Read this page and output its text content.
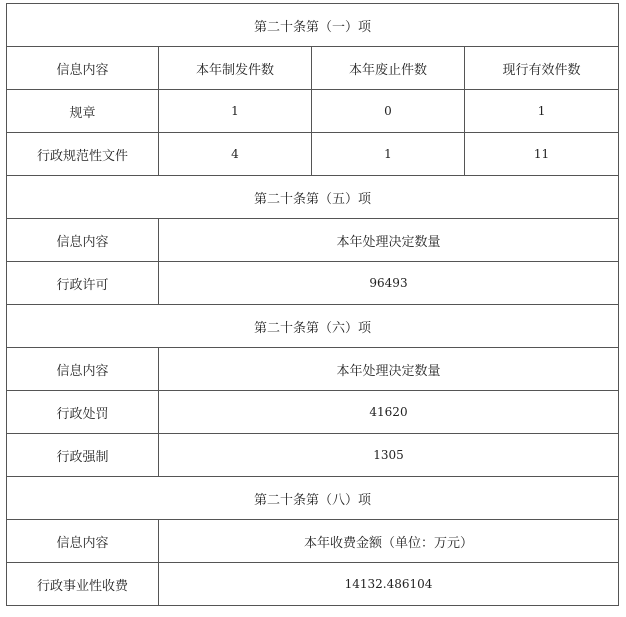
第二十条第（一）项			
信息内容	本年制发件数	本年废止件数	现行有效件数
规章	1	0	1
行政规范性文件	4	1	11
第二十条第（五）项			
信息内容	本年处理决定数量		
行政许可	96493		
第二十条第（六）项			
信息内容	本年处理决定数量		
行政处罚	41620		
行政强制	1305		
第二十条第（八）项			
信息内容	本年收费金额（单位：万元）		
行政事业性收费	14132.486104		
